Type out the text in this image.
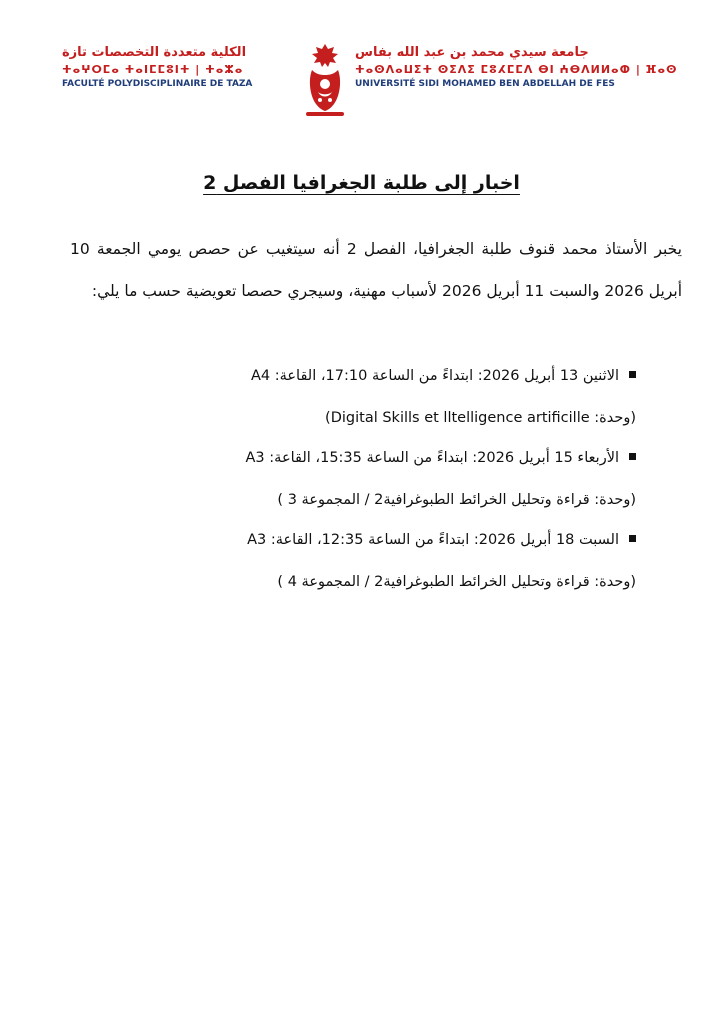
الكلية متعددة التخصصات تازة
ⵜⴰⵖⵔⵎⴰ ⵜⴰⵏⵎⵎⵓⵏⵜ | ⵜⴰⵣⴰ
FACULTÉ POLYDISCIPLINAIRE DE TAZA
جامعة سيدي محمد بن عبد الله بفاس
ⵜⴰⵙⴷⴰⵡⵉⵜ ⵙⵉⴷⵉ ⵎⵓⵃⵎⵎⴷ ⴱⵏ ⵄⴱⴷⵍⵍⴰⵀ | ⴼⴰⵙ
UNIVERSITÉ SIDI MOHAMED BEN ABDELLAH DE FES
اخبار إلى طلبة الجغرافيا الفصل 2
يخبر الأستاذ محمد قنوف طلبة الجغرافيا، الفصل 2 أنه سيتغيب عن حصص يومي الجمعة 10 أبريل 2026 والسبت 11 أبريل 2026 لأسباب مهنية، وسيجري حصصا تعويضية حسب ما يلي:
الاثنين 13 أبريل 2026: ابتداءً من الساعة 17:10، القاعة: A4
(وحدة: Digital Skills et lltelligence artificille)
الأربعاء 15 أبريل 2026: ابتداءً من الساعة 15:35، القاعة: A3
(وحدة: قراءة وتحليل الخرائط الطبوغرافية2 / المجموعة 3 )
السبت 18 أبريل 2026: ابتداءً من الساعة 12:35، القاعة: A3
(وحدة: قراءة وتحليل الخرائط الطبوغرافية2 / المجموعة 4 )
